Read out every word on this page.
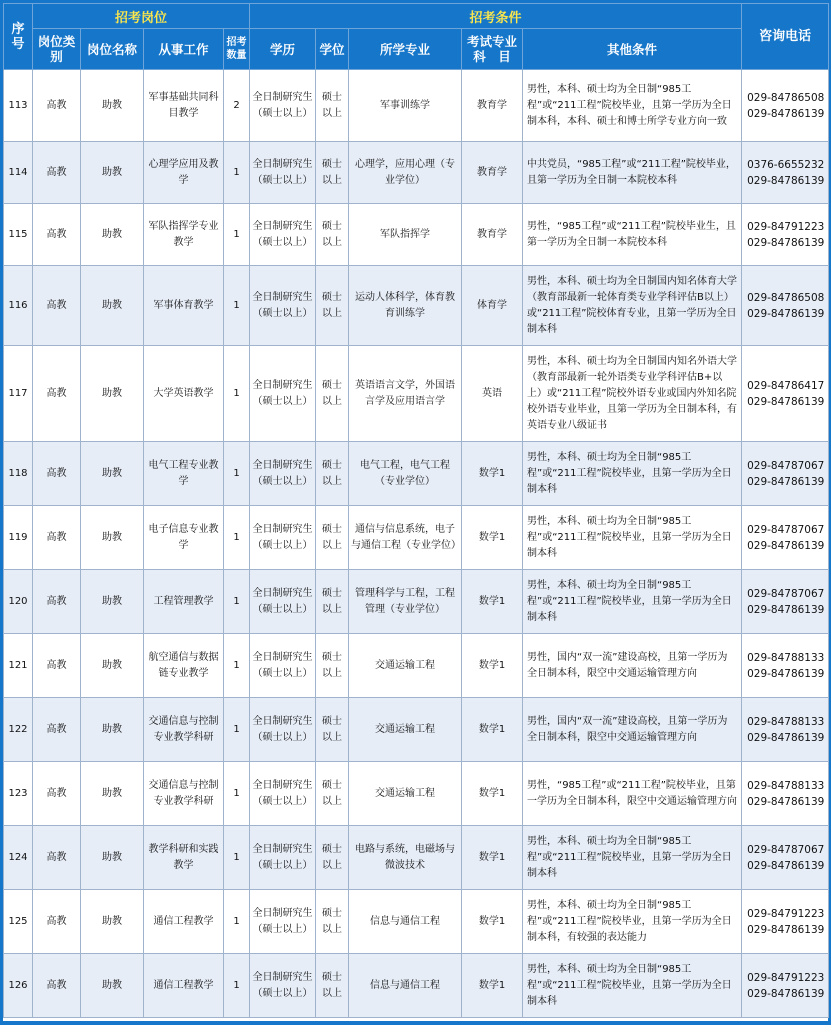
序号	招考岗位				招考条件					咨询电话
	岗位类别	岗位名称	从事工作	招考数量	学历	学位	所学专业	考试专业科　目	其他条件	
113	高教	助教	军事基础共同科目教学	2	全日制研究生（硕士以上）	硕士以上	军事训练学	教育学	男性，本科、硕士均为全日制“985工程”或“211工程”院校毕业，且第一学历为全日制本科，本科、硕士和博士所学专业方向一致	029-84786508
029-84786139

114	高教	助教	心理学应用及教学	1	全日制研究生（硕士以上）	硕士以上	心理学，应用心理（专业学位）	教育学	中共党员，“985工程”或“211工程”院校毕业，且第一学历为全日制一本院校本科	0376-6655232
029-84786139

115	高教	助教	军队指挥学专业教学	1	全日制研究生（硕士以上）	硕士以上	军队指挥学	教育学	男性，“985工程”或“211工程”院校毕业生，且第一学历为全日制一本院校本科	029-84791223
029-84786139

116	高教	助教	军事体育教学	1	全日制研究生（硕士以上）	硕士以上	运动人体科学，体育教育训练学	体育学	男性，本科、硕士均为全日制国内知名体育大学（教育部最新一轮体育类专业学科评估B以上）或“211工程”院校体育专业，且第一学历为全日制本科	029-84786508
029-84786139

117	高教	助教	大学英语教学	1	全日制研究生（硕士以上）	硕士以上	英语语言文学，外国语言学及应用语言学	英语	男性，本科、硕士均为全日制国内知名外语大学（教育部最新一轮外语类专业学科评估B+以上）或“211工程”院校外语专业或国内外知名院校外语专业毕业，且第一学历为全日制本科，有英语专业八级证书	029-84786417
029-84786139

118	高教	助教	电气工程专业教学	1	全日制研究生（硕士以上）	硕士以上	电气工程，电气工程（专业学位）	数学1	男性，本科、硕士均为全日制“985工程”或“211工程”院校毕业，且第一学历为全日制本科	029-84787067
029-84786139

119	高教	助教	电子信息专业教学	1	全日制研究生（硕士以上）	硕士以上	通信与信息系统，电子与通信工程（专业学位）	数学1	男性，本科、硕士均为全日制“985工程”或“211工程”院校毕业，且第一学历为全日制本科	029-84787067
029-84786139

120	高教	助教	工程管理教学	1	全日制研究生（硕士以上）	硕士以上	管理科学与工程，工程管理（专业学位）	数学1	男性，本科、硕士均为全日制“985工程”或“211工程”院校毕业，且第一学历为全日制本科	029-84787067
029-84786139

121	高教	助教	航空通信与数据链专业教学	1	全日制研究生（硕士以上）	硕士以上	交通运输工程	数学1	男性，国内“双一流”建设高校，且第一学历为全日制本科，限空中交通运输管理方向	029-84788133
029-84786139

122	高教	助教	交通信息与控制专业教学科研	1	全日制研究生（硕士以上）	硕士以上	交通运输工程	数学1	男性，国内“双一流”建设高校，且第一学历为全日制本科，限空中交通运输管理方向	029-84788133
029-84786139

123	高教	助教	交通信息与控制专业教学科研	1	全日制研究生（硕士以上）	硕士以上	交通运输工程	数学1	男性，“985工程”或“211工程”院校毕业，且第一学历为全日制本科，限空中交通运输管理方向	029-84788133
029-84786139

124	高教	助教	教学科研和实践教学	1	全日制研究生（硕士以上）	硕士以上	电路与系统，电磁场与微波技术	数学1	男性，本科、硕士均为全日制“985工程”或“211工程”院校毕业，且第一学历为全日制本科	029-84787067
029-84786139

125	高教	助教	通信工程教学	1	全日制研究生（硕士以上）	硕士以上	信息与通信工程	数学1	男性，本科、硕士均为全日制“985工程”或“211工程”院校毕业，且第一学历为全日制本科，有较强的表达能力	029-84791223
029-84786139

126	高教	助教	通信工程教学	1	全日制研究生（硕士以上）	硕士以上	信息与通信工程	数学1	男性，本科、硕士均为全日制“985工程”或“211工程”院校毕业，且第一学历为全日制本科	029-84791223
029-84786139
